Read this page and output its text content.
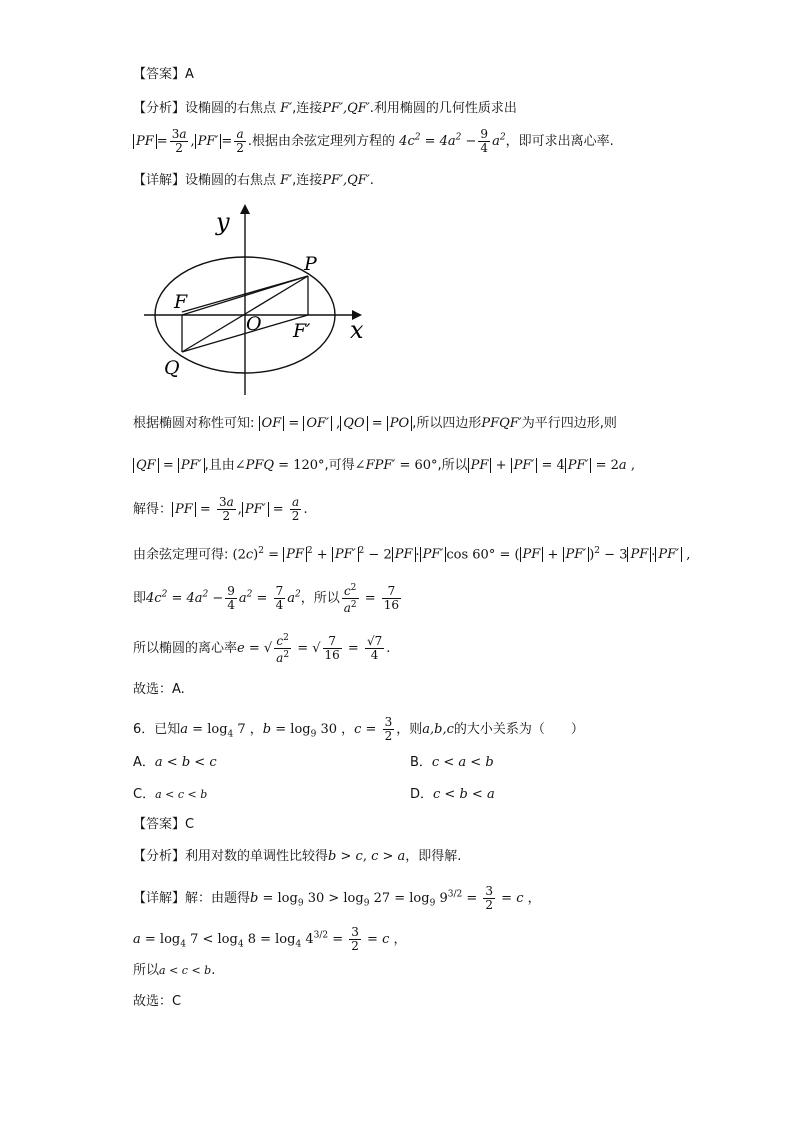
【答案】A
【分析】设椭圆的右焦点 F′,连接PF′,QF′.利用椭圆的几何性质求出
PF = $\frac{3a}{2}$ , $PF' = \frac{a}{2}$ .根据由余弦定理列方程的 $4c^2 = 4a^2 - \frac{9}{4} a^2$，即可求出离心率.
【详解】设椭圆的右焦点 F′,连接PF′,QF′.
y
x
P
F
O F′
Q
根据椭圆对称性可知: OF = OF′ , QO = PO ,所以四边形PFQF′为平行四边形,则
QF = PF′ ,且由∠PFQ = 120°,可得∠FPF′ = 60°,所以 PF + PF′ = 4 PF′ = 2a ,
解得： PF = $\frac{3a}{2}$ , $PF' = \frac{a}{2}$ .
由余弦定理可得: $(2c)^2$ = PF $^2$ + PF′ $^2$ − 2 PF · PF′ cos 60° = ( PF + PF′ )$^2$ − 3 PF · PF′ ,
即$4c^2 = 4a^2 - \frac{9}{4} a^2 = \frac{7}{4} a^2$，所以 $\frac{c^2}{a^2} = \frac{7}{16}$
所以椭圆的离心率e = √ $\frac{c^2}{a^2}$ = √ $\frac{7}{16} = \frac{√7}{4}$ .
故选：A.
6．已知$a = \log_4 7$ ，$b = \log_9 30$ ，$c = \frac{3}{2}$ ，则a,b,c的大小关系为（　　）
A．a < b < c	B．c < a < b
C．a < c < b	D．c < b < a
【答案】C
【分析】利用对数的单调性比较得b > c, c > a，即得解.
【详解】解：由题得$b = \log_9 30 > \log_9 27 = \log_9 9^{3/2} = \frac{3}{2} = c$ ，
$a = \log_4 7 < \log_4 8 = \log_4 4^{3/2} = \frac{3}{2} = c$ ，
所以a < c < b.
故选：C
